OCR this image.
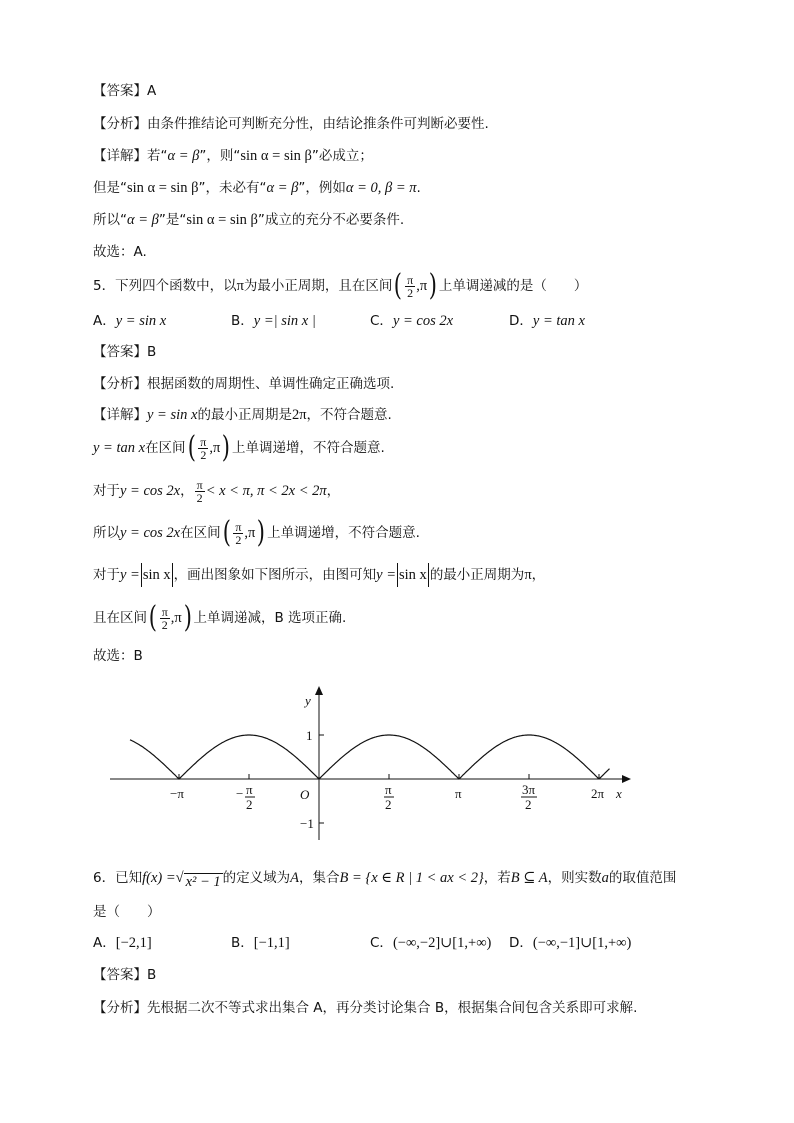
【答案】A
【分析】由条件推结论可判断充分性，由结论推条件可判断必要性.
【详解】若“α = β”，则“sin α = sin β”必成立；
但是“sin α = sin β”，未必有“α = β”，例如α = 0, β = π.
所以“α = β”是“sin α = sin β”成立的充分不必要条件.
故选：A.
5．下列四个函数中，以π为最小正周期，且在区间( $\frac{\pi}{2} ,\pi$) 上单调递减的是（　　）
A．y = sin x	B．y =| sin x |	C．y = cos 2x	D．y = tan x
【答案】B
【分析】根据函数的周期性、单调性确定正确选项.
【详解】y = sin x的最小正周期是2π，不符合题意.
y = tan x在区间( $\frac{\pi}{2} ,\pi$) 上单调递增，不符合题意.
对于y = cos 2x， $\frac{\pi}{2} < x < \pi$, π < 2x < 2π，
所以y = cos 2x在区间( $\frac{\pi}{2} ,\pi$) 上单调递增，不符合题意.
对于y = sin x ，画出图象如下图所示，由图可知y = sin x 的最小正周期为π，
且在区间( $\frac{\pi}{2} ,\pi$) 上单调递减，B 选项正确.
故选：B
y
x
O
1
−1
−π	− π
2
π
2
π	3π
2
2π
6．已知f(x) = √ x² − 1 的定义域为A，集合B = {x ∈ R | 1 < ax < 2}，若B ⊆ A，则实数a的取值范围
是（　　）
A．[−2,1]	B．[−1,1]	C．(−∞,−2]∪[1,+∞) D．(−∞,−1]∪[1,+∞)
【答案】B
【分析】先根据二次不等式求出集合 A，再分类讨论集合 B，根据集合间包含关系即可求解.
